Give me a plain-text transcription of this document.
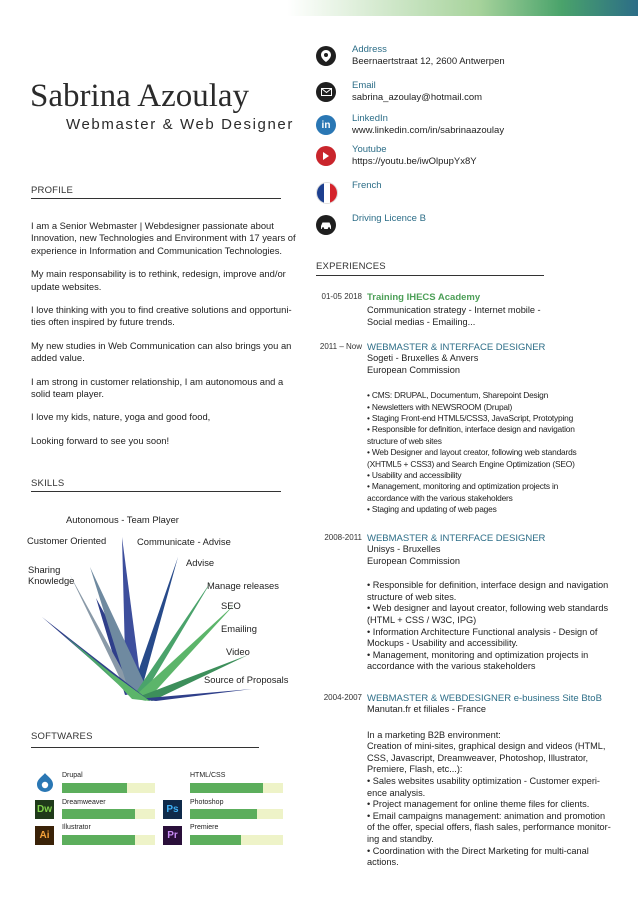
Sabrina Azoulay
Webmaster & Web Designer
Address
Beernaertstraat 12, 2600 Antwerpen
Email
sabrina_azoulay@hotmail.com
in
LinkedIn
www.linkedin.com/in/sabrinaazoulay
Youtube
https://youtu.be/iwOlpupYx8Y
French
Driving Licence B
PROFILE

I am a Senior Webmaster | Webdesigner passionate about Innovation, new Technologies and Environment with 17 years of experience in Information and Communication Technologies.

My main responsability is to rethink, redesign, improve and/or update websites.

I love thinking with you to find creative solutions and opportuni-ties often inspired by future trends.

My new studies in Web Communication can also brings you an added value.

I am strong in customer relationship, I am autonomous and a solid team player.

I love my kids, nature, yoga and good food,

Looking forward to see you soon!

SKILLS
Autonomous - Team Player
Customer Oriented	Communicate - Advise
Sharing
Knowledge
Advise
Manage releases
SEO
Emailing
Video
Source of Proposals
SOFTWARES
Drupal
Dw
Dreamweaver
Ai
Illustrator
HTML/CSS
Ps
Photoshop
Pr
Premiere
EXPERIENCES
01-05 2018 Training IHECS Academy
Communication strategy - Internet mobile -
Social medias - Emailing...
2011 – Now WEBMASTER & INTERFACE DESIGNER
Sogeti - Bruxelles & Anvers
European Commission
• CMS: DRUPAL, Documentum, Sharepoint Design
• Newsletters with NEWSROOM (Drupal)
• Staging Front-end HTML5/CSS3, JavaScript, Prototyping
• Responsible for definition, interface design and navigation
structure of web sites
• Web Designer and layout creator, following web standards
(XHTML5 + CSS3) and Search Engine Optimization (SEO)
• Usability and accessibility
• Management, monitoring and optimization projects in
accordance with the various stakeholders
• Staging and updating of web pages
2008-2011 WEBMASTER & INTERFACE DESIGNER
Unisys - Bruxelles
European Commission
• Responsible for definition, interface design and navigation
structure of web sites.
• Web designer and layout creator, following web standards
(HTML + CSS / W3C, IPG)
• Information Architecture Functional analysis - Design of
Mockups - Usability and accessibility.
• Management, monitoring and optimization projects in
accordance with the various stakeholders
2004-2007 WEBMASTER & WEBDESIGNER e-business Site BtoB
Manutan.fr et filiales - France
In a marketing B2B environment:
Creation of mini-sites, graphical design and videos (HTML,
CSS, Javascript, Dreamweaver, Photoshop, Illustrator,
Premiere, Flash, etc...):
• Sales websites usability optimization - Customer experi-
ence analysis.
• Project management for online theme files for clients.
• Email campaigns management: animation and promotion
of the offer, special offers, flash sales, performance monitor-
ing and standby.
• Coordination with the Direct Marketing for multi-canal
actions.
